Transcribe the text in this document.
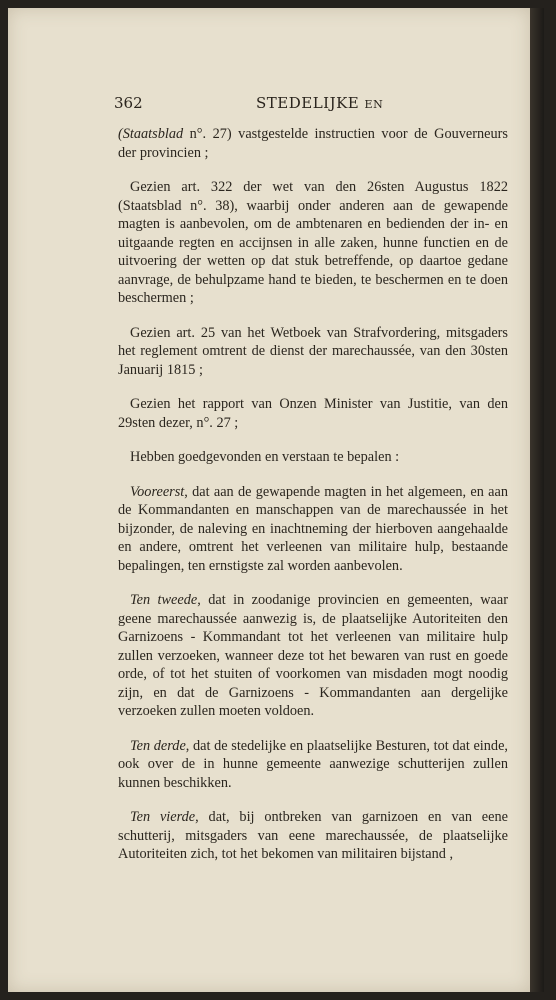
362	STEDELIJKE EN

(Staatsblad n°. 27) vastgestelde instructien voor de Gouverneurs der provincien ;

Gezien art. 322 der wet van den 26sten Augustus 1822 (Staatsblad n°. 38), waarbij onder anderen aan de gewapende magten is aanbevolen, om de ambtenaren en bedienden der in- en uitgaande regten en accijnsen in alle zaken, hunne functien en de uitvoering der wetten op dat stuk betreffende, op daartoe gedane aanvrage, de behulpzame hand te bieden, te beschermen en te doen beschermen ;

Gezien art. 25 van het Wetboek van Strafvordering, mitsgaders het reglement omtrent de dienst der marechaussée, van den 30sten Januarij 1815 ;

Gezien het rapport van Onzen Minister van Justitie, van den 29sten dezer, n°. 27 ;

Hebben goedgevonden en verstaan te bepalen :

Vooreerst, dat aan de gewapende magten in het algemeen, en aan de Kommandanten en manschappen van de marechaussée in het bijzonder, de naleving en inachtneming der hierboven aangehaalde en andere, omtrent het verleenen van militaire hulp, bestaande bepalingen, ten ernstigste zal worden aanbevolen.

Ten tweede, dat in zoodanige provincien en gemeenten, waar geene marechaussée aanwezig is, de plaatselijke Autoriteiten den Garnizoens - Kommandant tot het verleenen van militaire hulp zullen verzoeken, wanneer deze tot het bewaren van rust en goede orde, of tot het stuiten of voorkomen van misdaden mogt noodig zijn, en dat de Garnizoens - Kommandanten aan dergelijke verzoeken zullen moeten voldoen.

Ten derde, dat de stedelijke en plaatselijke Besturen, tot dat einde, ook over de in hunne gemeente aanwezige schutterijen zullen kunnen beschikken.

Ten vierde, dat, bij ontbreken van garnizoen en van eene schutterij, mitsgaders van eene marechaussée, de plaatselijke Autoriteiten zich, tot het bekomen van militairen bijstand ,
